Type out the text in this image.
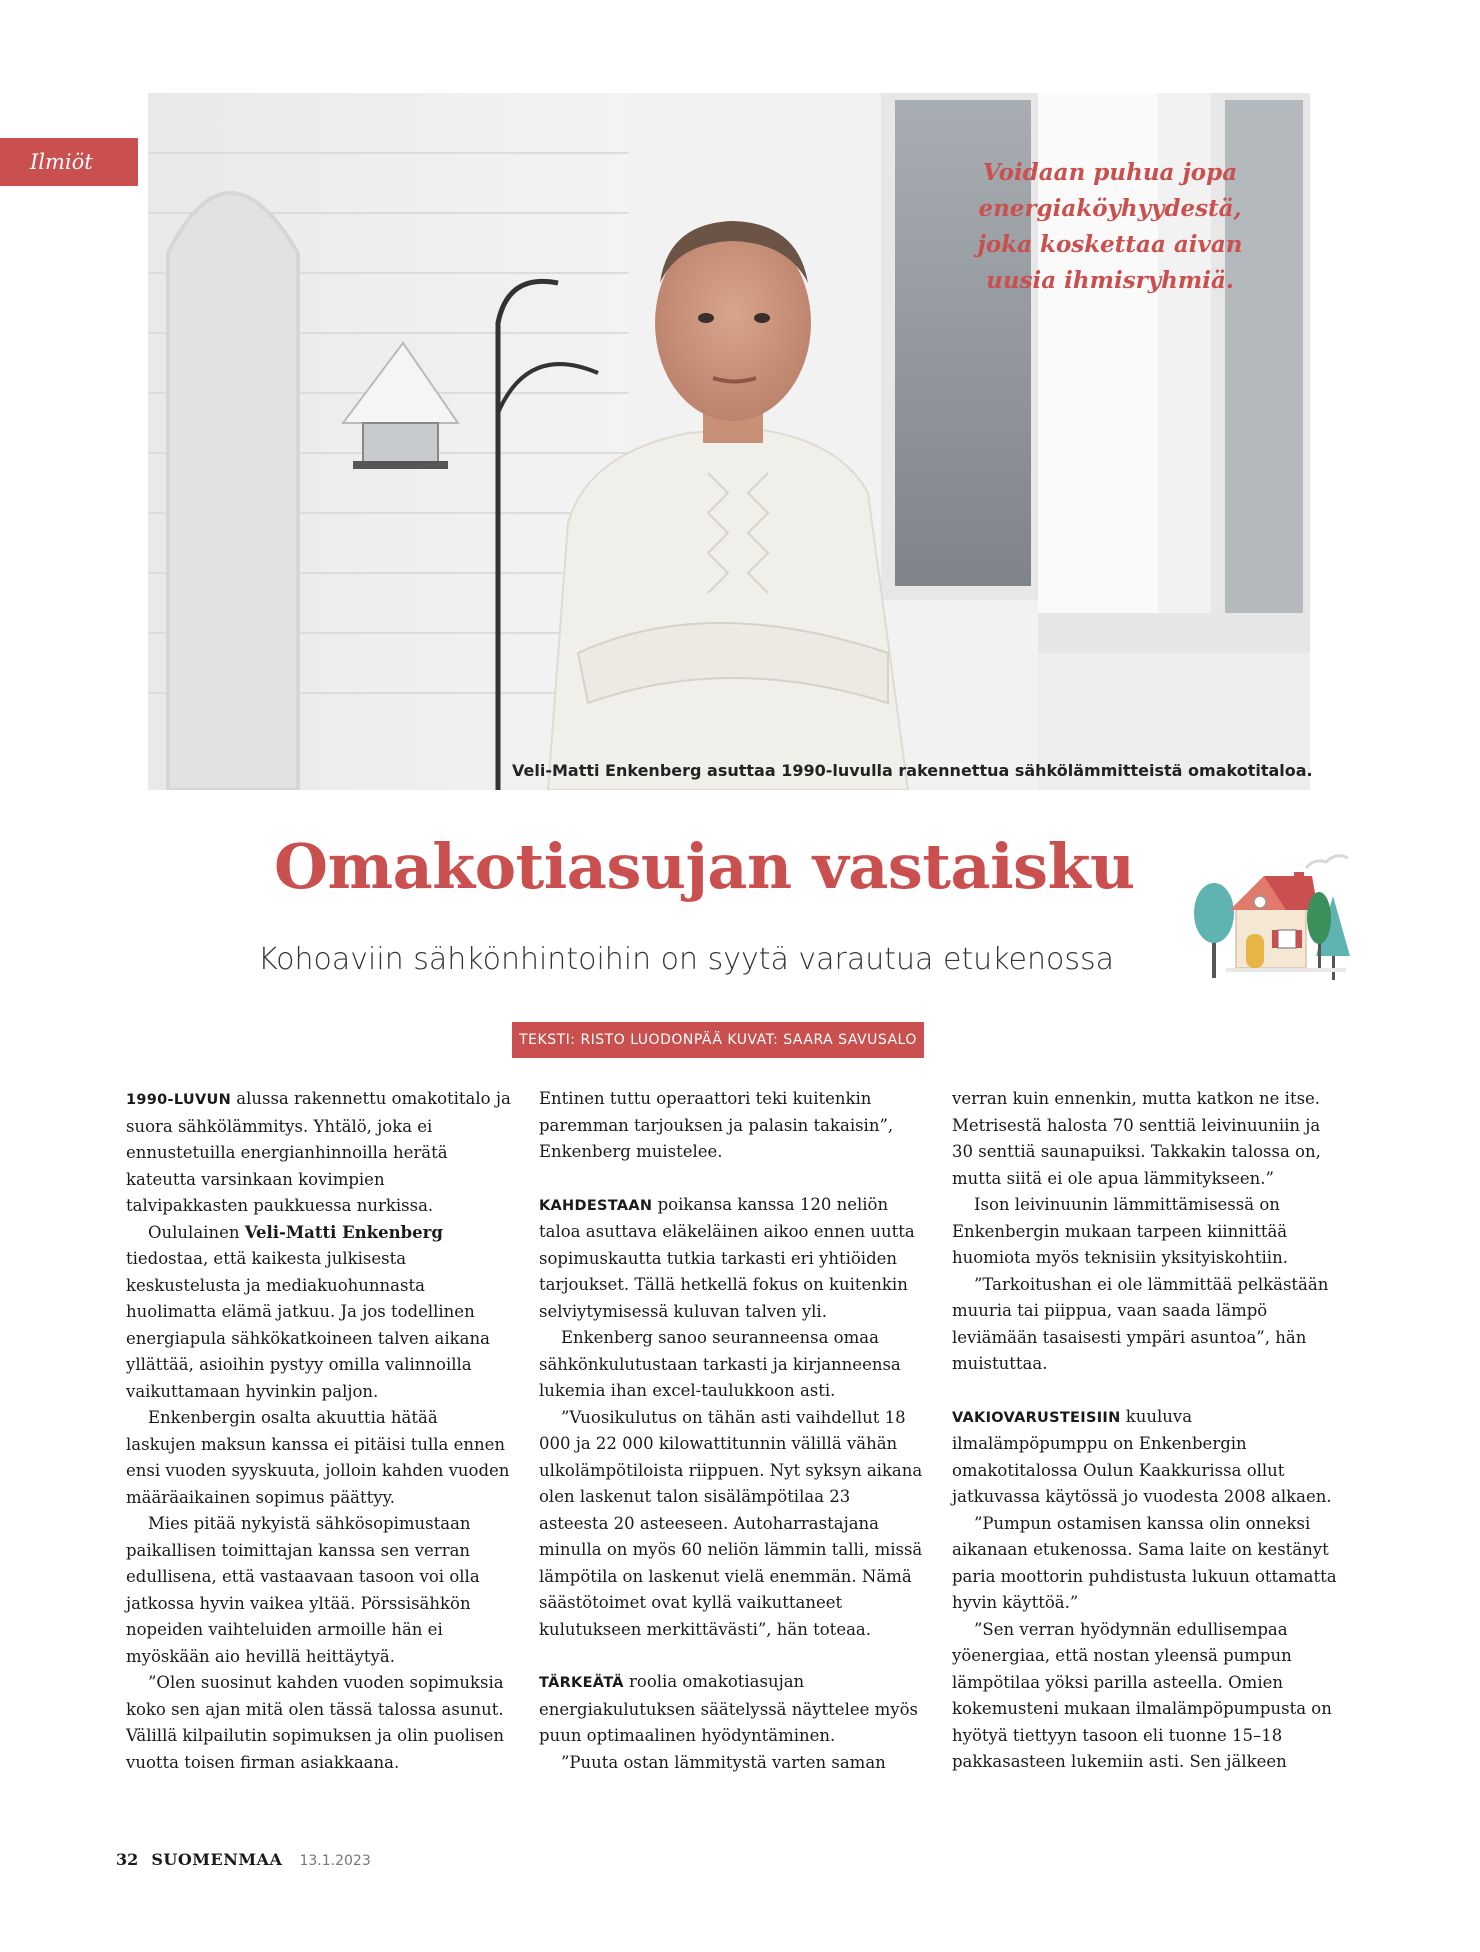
Ilmiöt	Voidaan puhua jopa energiaköyhyydestä, joka koskettaa aivan uusia ihmisryhmiä.
Veli-Matti Enkenberg asuttaa 1990-luvulla rakennettua sähkölämmitteistä omakotitaloa.
Omakotiasujan vastaisku
Kohoaviin sähkönhintoihin on syytä varautua etukenossa
TEKSTI: RISTO LUODONPÄÄ KUVAT: SAARA SAVUSALO

1990-LUVUN alussa rakennettu omakotitalo ja suora sähkölämmitys. Yhtälö, joka ei ennustetuilla energianhinnoilla herätä kateutta varsinkaan kovimpien talvipakkasten paukkuessa nurkissa.

Oululainen Veli-Matti Enkenberg tiedostaa, että kaikesta julkisesta keskustelusta ja mediakuohunnasta huolimatta elämä jatkuu. Ja jos todellinen energiapula sähkökatkoineen talven aikana yllättää, asioihin pystyy omilla valinnoilla vaikuttamaan hyvinkin paljon.

Enkenbergin osalta akuuttia hätää laskujen maksun kanssa ei pitäisi tulla ennen ensi vuoden syyskuuta, jolloin kahden vuoden määräaikainen sopimus päättyy.

Mies pitää nykyistä sähkösopimustaan paikallisen toimittajan kanssa sen verran edullisena, että vastaavaan tasoon voi olla jatkossa hyvin vaikea yltää. Pörssisähkön nopeiden vaihteluiden armoille hän ei myöskään aio hevillä heittäytyä.

”Olen suosinut kahden vuoden sopimuksia koko sen ajan mitä olen tässä talossa asunut. Välillä kilpailutin sopimuksen ja olin puolisen vuotta toisen firman asiakkaana.

Entinen tuttu operaattori teki kuitenkin paremman tarjouksen ja palasin takaisin”, Enkenberg muistelee.

KAHDESTAAN poikansa kanssa 120 neliön taloa asuttava eläkeläinen aikoo ennen uutta sopimuskautta tutkia tarkasti eri yhtiöiden tarjoukset. Tällä hetkellä fokus on kuitenkin selviytymisessä kuluvan talven yli.

Enkenberg sanoo seuranneensa omaa sähkönkulutustaan tarkasti ja kirjanneensa lukemia ihan excel-taulukkoon asti.

”Vuosikulutus on tähän asti vaihdellut 18 000 ja 22 000 kilowattitunnin välillä vähän ulkolämpötiloista riippuen. Nyt syksyn aikana olen laskenut talon sisälämpötilaa 23 asteesta 20 asteeseen. Autoharrastajana minulla on myös 60 neliön lämmin talli, missä lämpötila on laskenut vielä enemmän. Nämä säästötoimet ovat kyllä vaikuttaneet kulutukseen merkittävästi”, hän toteaa.

TÄRKEÄTÄ roolia omakotiasujan energiakulutuksen säätelyssä näyttelee myös puun optimaalinen hyödyntäminen.

”Puuta ostan lämmitystä varten saman

verran kuin ennenkin, mutta katkon ne itse. Metrisestä halosta 70 senttiä leivinuuniin ja 30 senttiä saunapuiksi. Takkakin talossa on, mutta siitä ei ole apua lämmitykseen.”

Ison leivinuunin lämmittämisessä on Enkenbergin mukaan tarpeen kiinnittää huomiota myös teknisiin yksityiskohtiin.

”Tarkoitushan ei ole lämmittää pelkästään muuria tai piippua, vaan saada lämpö leviämään tasaisesti ympäri asuntoa”, hän muistuttaa.

VAKIOVARUSTEISIIN kuuluva ilmalämpöpumppu on Enkenbergin omakotitalossa Oulun Kaakkurissa ollut jatkuvassa käytössä jo vuodesta 2008 alkaen.

”Pumpun ostamisen kanssa olin onneksi aikanaan etukenossa. Sama laite on kestänyt paria moottorin puhdistusta lukuun ottamatta hyvin käyttöä.”

”Sen verran hyödynnän edullisempaa yöenergiaa, että nostan yleensä pumpun lämpötilaa yöksi parilla asteella. Omien kokemusteni mukaan ilmalämpöpumpusta on hyötyä tiettyyn tasoon eli tuonne 15–18 pakkasasteen lukemiin asti. Sen jälkeen

32 SUOMENMAA 13.1.2023
